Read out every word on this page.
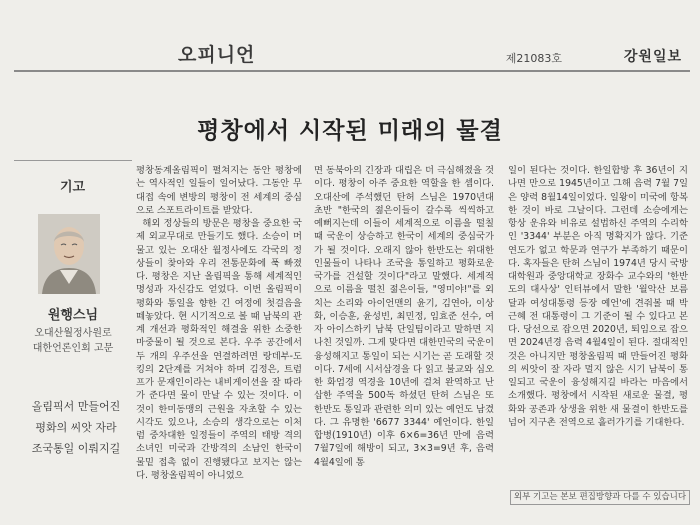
오피니언	제21083호	강원일보
평창에서 시작된 미래의 물결
기고
원행스님
오대산월정사원로
대한언론인회 고문
올림픽서 만들어진
평화의 씨앗 자라
조국통일 이뤄지길
평창동계올림픽이 펼쳐지는 동안 평창에는 역사적인 일들이 일어났다. 그동안 무대접 속에 변방의 평창이 전 세계의 중심으로 스포트라이트를 받았다.
해외 정상들의 방문은 평창을 중요한 국제 외교무대로 만들기도 했다. 소승이 머물고 있는 오대산 월정사에도 각국의 정상들이 찾아와 우리 전통문화에 푹 빠졌다. 평창은 지난 올림픽을 통해 세계적인 명성과 자신감도 얻었다. 이번 올림픽이 평화와 통일을 향한 긴 여정에 첫걸음을 떼놓았다. 현 시기적으로 볼 때 남북의 관계 개선과 평화적인 해결을 위한 소중한 마중물이 될 것으로 본다. 우주 공간에서 두 개의 우주선을 연결하려면 랑데부-도킹의 2단계를 거쳐야 하며 김정은, 트럼프가 문재인이라는 내비게이션을 잘 따라가 준다면 물이 만날 수 있는 것이다. 이것이 한미동맹의 근원을 자초할 수 있는 시각도 있으나, 소승의 생각으로는 이처럼 중차대한 일정들이 주역의 태방 격의 소녀인 미국과 간방격의 소남인 한국이 물밑 접촉 없이 진행됐다고 보지는 않는다. 평창올림픽이 아니었으
면 동북아의 긴장과 대립은 더 극심해졌을 것이다. 평창이 아주 중요한 역할을 한 셈이다. 오대산에 주석했던 탄허 스님은 1970년대 초반 "한국의 젊은이들이 갈수록 씩씩하고 예뻐지는데 이들이 세계적으로 이름을 떨칠 때 국운이 상승하고 한국이 세계의 중심국가가 될 것이다. 오래지 않아 한반도는 위대한 인물들이 나타나 조국을 통일하고 평화로운 국가를 건설할 것이다"라고 말했다. 세계적으로 이름을 떨친 젊은이들, "영미야!"를 외치는 소리와 아이언맨의 윤기, 김연아, 이상화, 이승훈, 윤성빈, 최민정, 임효준 선수, 여자 아이스하키 남북 단일팀이라고 말하면 지나친 것일까. 그게 맞다면 대한민국의 국운이 융성해지고 통일이 되는 시기는 곧 도래할 것이다. 7세에 시서삼경을 다 읽고 불교와 심오한 화엄경 역경을 10년에 걸쳐 완역하고 난삽한 주역을 500독 하셨던 탄허 스님은 또 한반도 통일과 관련한 의미 있는 예언도 남겼다. 그 유명한 '6677 3344' 예언이다. 한일합병(1910년) 이후 6×6=36년 만에 음력 7월7일에 해방이 되고, 3×3=9년 후, 음력 4월4일에 통
일이 된다는 것이다. 한일합방 후 36년이 지나면 만으로 1945년이고 그해 음력 7월 7일은 양력 8월14일이었다. 일왕이 미국에 항복한 것이 바로 그날이다. 그런데 소승에게는 항상 운유와 비유로 설법하신 주역의 수리학인 '3344' 부분은 아직 명확지가 않다. 기준 연도가 없고 학문과 연구가 부족하기 때문이다. 혹자들은 탄허 스님이 1974년 당시 국방대학원과 중앙대학교 장화수 교수와의 '한반도의 대사상' 인터뷰에서 말한 '월악산 보름달과 여성대통령 등장 예언'에 견줘볼 때 박근혜 전 대통령이 그 기준이 될 수 있다고 본다. 당선으로 잡으면 2020년, 퇴임으로 잡으면 2024년경 음력 4월4일이 된다. 절대적인 것은 아니지만 평창올림픽 때 만들어진 평화의 씨앗이 잘 자라 멀지 않은 시기 남북이 통일되고 국운이 융성해지길 바라는 마음에서 소개했다. 평창에서 시작된 새로운 물결, 평화와 공존과 상생을 위한 새 물결이 한반도를 넘어 지구촌 전역으로 흘러가기를 기대한다.
외부 기고는 본보 편집방향과 다를 수 있습니다
